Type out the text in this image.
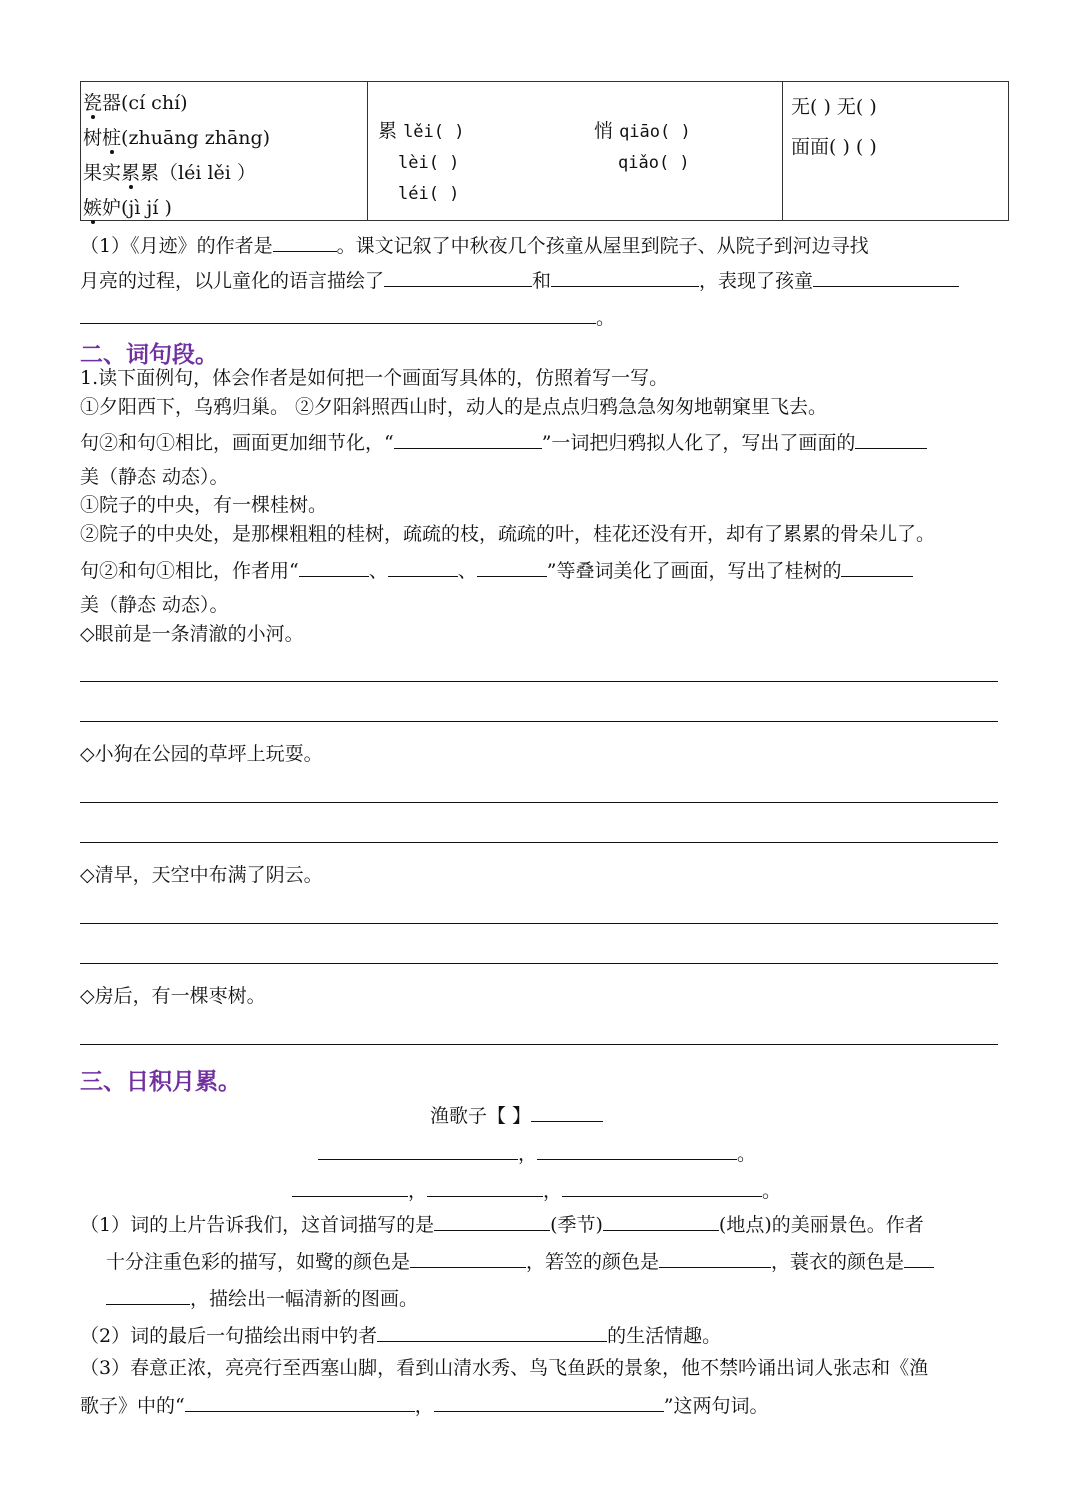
瓷器(cí chí)
树桩(zhuāng zhāng)
果实累累（léi lěi ）
嫉妒(jì jí )

累 lěi( )
lèi( )
léi( )
悄 qiāo( )
qiǎo( )

无( ) 无( )
面面( ) ( )
（1）《月迹》的作者是	。课文记叙了中秋夜几个孩童从屋里到院子、从院子到河边寻找
月亮的过程，以儿童化的语言描绘了	和	，表现了孩童
。
二、词句段。
1.读下面例句，体会作者是如何把一个画面写具体的，仿照着写一写。
①夕阳西下，乌鸦归巢。 ②夕阳斜照西山时，动人的是点点归鸦急急匆匆地朝窠里飞去。
句②和句①相比，画面更加细节化，“	”一词把归鸦拟人化了，写出了画面的
美（静态 动态）。
①院子的中央，有一棵桂树。
②院子的中央处，是那棵粗粗的桂树，疏疏的枝，疏疏的叶，桂花还没有开，却有了累累的骨朵儿了。
句②和句①相比，作者用“	、	、	”等叠词美化了画面，写出了桂树的
美（静态 动态）。
◇眼前是一条清澈的小河。
◇小狗在公园的草坪上玩耍。
◇清早，天空中布满了阴云。
◇房后，有一棵枣树。
三、日积月累。
渔歌子【 】
，	。
，	，	。
（1）词的上片告诉我们，这首词描写的是	(季节)	(地点)的美丽景色。作者
十分注重色彩的描写，如鹭的颜色是	，箬笠的颜色是	，蓑衣的颜色是
，描绘出一幅清新的图画。
（2）词的最后一句描绘出雨中钓者	的生活情趣。
（3）春意正浓，亮亮行至西塞山脚，看到山清水秀、鸟飞鱼跃的景象，他不禁吟诵出词人张志和《渔
歌子》中的“	，	”这两句词。
